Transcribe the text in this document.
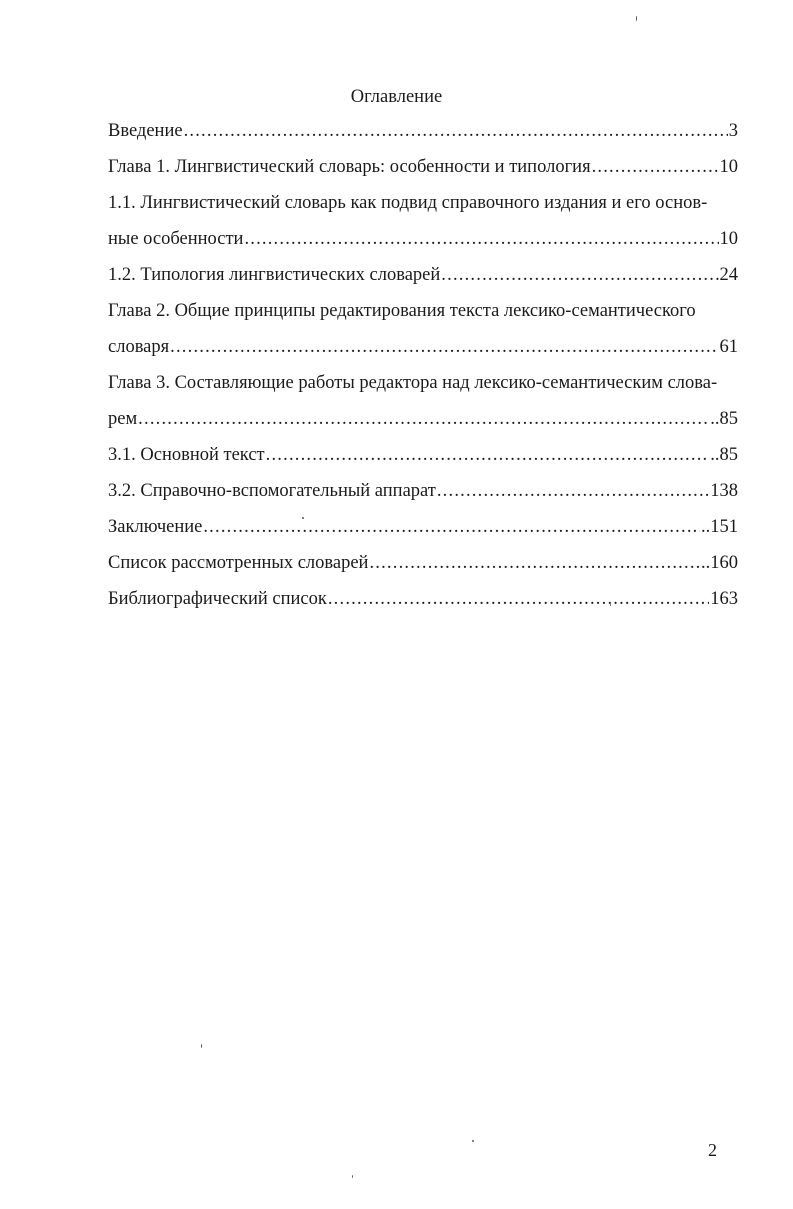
Оглавление
Введение .....	3
Глава 1. Лингвистический словарь: особенности и типология .....	10
1.1. Лингвистический словарь как подвид справочного издания и его основ-
ные особенности .....	10
1.2. Типология лингвистических словарей .....	24
Глава 2. Общие принципы редактирования текста лексико-семантического
словаря .....	61
Глава 3. Составляющие работы редактора над лексико-семантическим слова-
рем .....	..85
3.1. Основной текст .....	..85
3.2. Справочно-вспомогательный аппарат .....	138
Заключение .....	..151
Список рассмотренных словарей .....	..160
Библиографический список .....	163
2
